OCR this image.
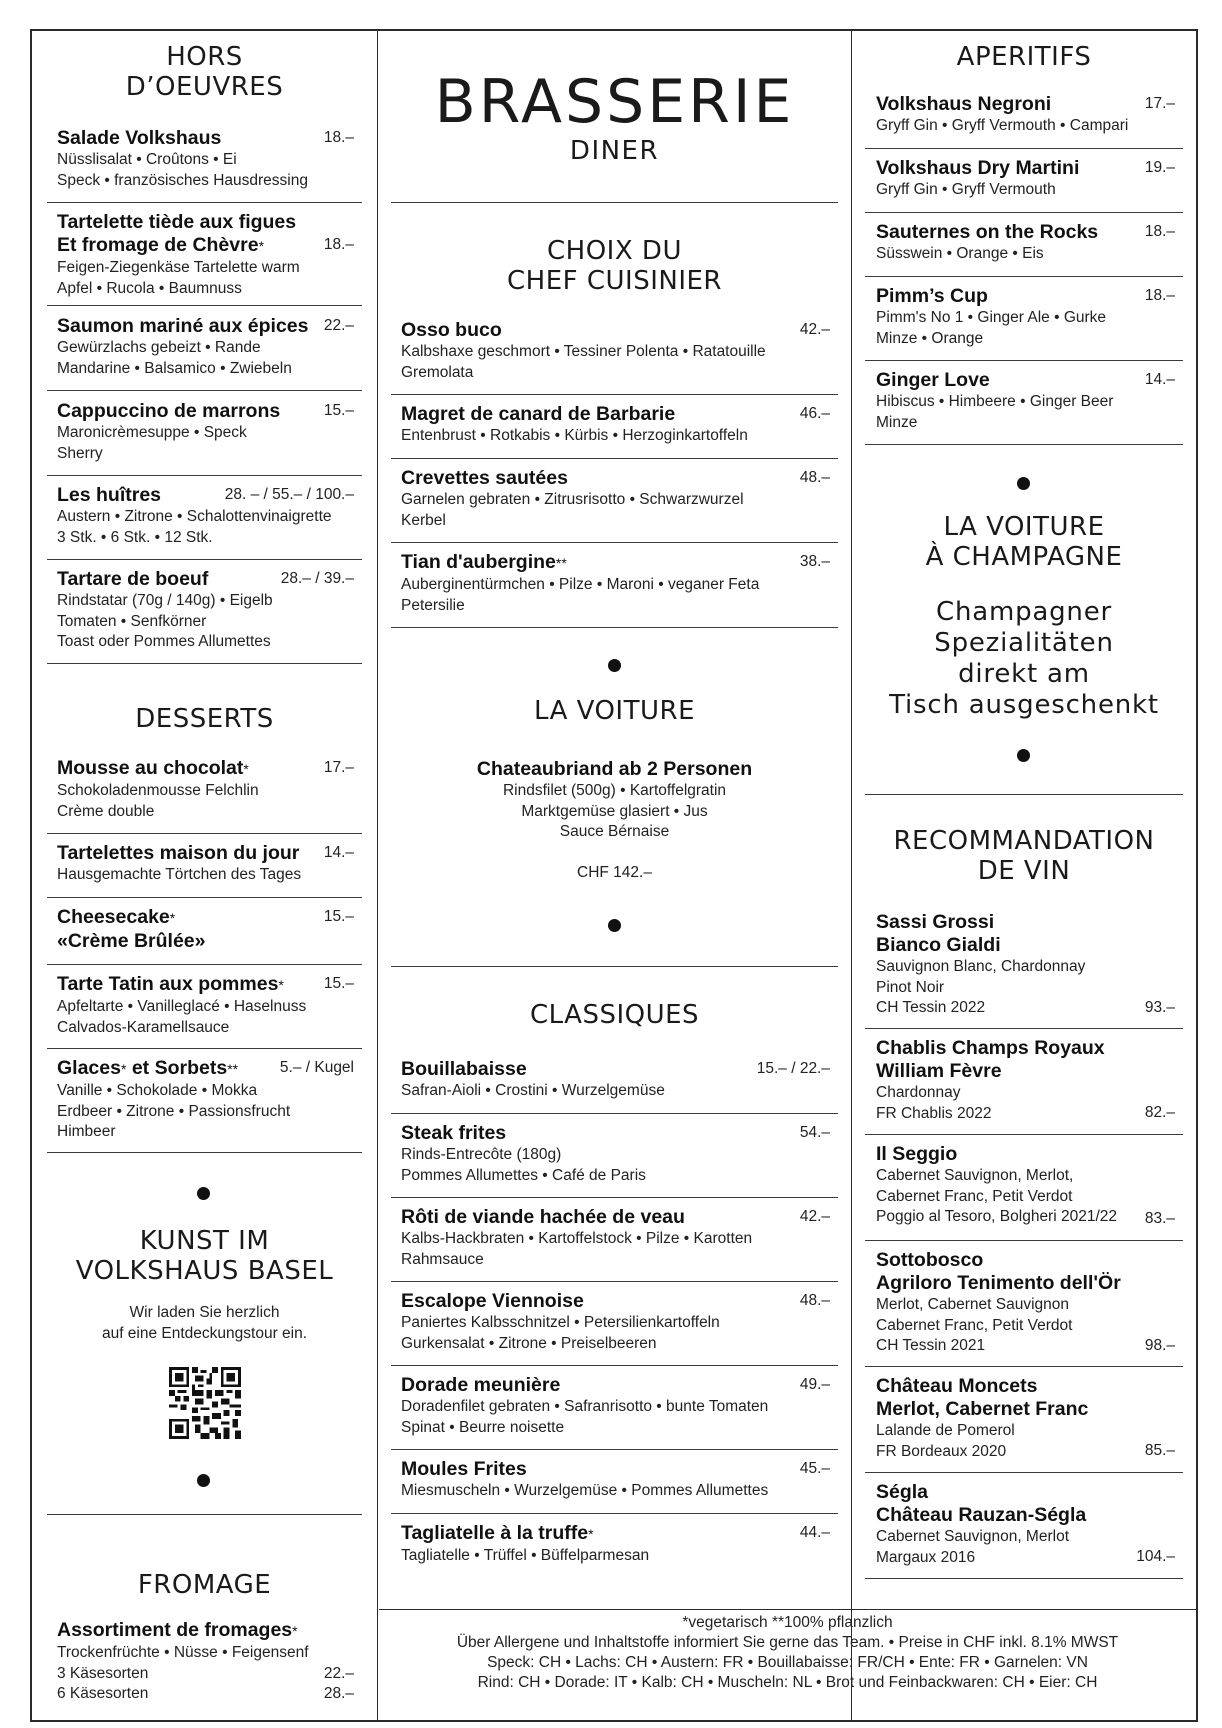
HORS
D’OEUVRES
Salade Volkshaus
Nüsslisalat • Croûtons • Ei
Speck • französisches Hausdressing
18.–
Tartelette tiède aux figues
Et fromage de Chèvre*
Feigen-Ziegenkäse Tartelette warm
Apfel • Rucola • Baumnuss
18.–
Saumon mariné aux épices
Gewürzlachs gebeizt • Rande
Mandarine • Balsamico • Zwiebeln
22.–
Cappuccino de marrons
Maronicrèmesuppe • Speck
Sherry
15.–
Les huîtres
Austern • Zitrone • Schalottenvinaigrette
3 Stk. • 6 Stk. • 12 Stk.
28. – / 55.– / 100.–
Tartare de boeuf
Rindstatar (70g / 140g) • Eigelb
Tomaten • Senfkörner
Toast oder Pommes Allumettes
28.– / 39.–
DESSERTS
Mousse au chocolat*
Schokoladenmousse Felchlin
Crème double
17.–
Tartelettes maison du jour
Hausgemachte Törtchen des Tages
14.–
Cheesecake*
«Crème Brûlée»
15.–
Tarte Tatin aux pommes*
Apfeltarte • Vanilleglacé • Haselnuss
Calvados-Karamellsauce
15.–
Glaces* et Sorbets**
Vanille • Schokolade • Mokka
Erdbeer • Zitrone • Passionsfrucht
Himbeer
5.– / Kugel
KUNST IM
VOLKSHAUS BASEL
Wir laden Sie herzlich
auf eine Entdeckungstour ein.
FROMAGE
Assortiment de fromages*
Trockenfrüchte • Nüsse • Feigensenf
3 Käsesorten	22.–
6 Käsesorten	28.–
BRASSERIE
DINER
CHOIX DU
CHEF CUISINIER
Osso buco
Kalbshaxe geschmort • Tessiner Polenta • Ratatouille
Gremolata
42.–
Magret de canard de Barbarie
Entenbrust • Rotkabis • Kürbis • Herzoginkartoffeln
46.–
Crevettes sautées
Garnelen gebraten • Zitrusrisotto • Schwarzwurzel
Kerbel
48.–
Tian d'aubergine**
Auberginentürmchen • Pilze • Maroni • veganer Feta
Petersilie
38.–
LA VOITURE
Chateaubriand ab 2 Personen
Rindsfilet (500g) • Kartoffelgratin
Marktgemüse glasiert • Jus
Sauce Bérnaise
CHF 142.–
CLASSIQUES
Bouillabaisse
Safran-Aioli • Crostini • Wurzelgemüse
15.– / 22.–
Steak frites
Rinds-Entrecôte (180g)
Pommes Allumettes • Café de Paris
54.–
Rôti de viande hachée de veau
Kalbs-Hackbraten • Kartoffelstock • Pilze • Karotten
Rahmsauce
42.–
Escalope Viennoise
Paniertes Kalbsschnitzel • Petersilienkartoffeln
Gurkensalat • Zitrone • Preiselbeeren
48.–
Dorade meunière
Doradenfilet gebraten • Safranrisotto • bunte Tomaten
Spinat • Beurre noisette
49.–
Moules Frites
Miesmuscheln • Wurzelgemüse • Pommes Allumettes
45.–
Tagliatelle à la truffe*
Tagliatelle • Trüffel • Büffelparmesan
44.–
APERITIFS
Volkshaus Negroni
Gryff Gin • Gryff Vermouth • Campari
17.–
Volkshaus Dry Martini
Gryff Gin • Gryff Vermouth
19.–
Sauternes on the Rocks
Süsswein • Orange • Eis
18.–
Pimm’s Cup
Pimm's No 1 • Ginger Ale • Gurke
Minze • Orange
18.–
Ginger Love
Hibiscus • Himbeere • Ginger Beer
Minze
14.–
LA VOITURE
À CHAMPAGNE
Champagner
Spezialitäten
direkt am
Tisch ausgeschenkt
RECOMMANDATION
DE VIN
Sassi Grossi
Bianco Gialdi
Sauvignon Blanc, Chardonnay
Pinot Noir
CH Tessin 2022	93.–
Chablis Champs Royaux
William Fèvre
Chardonnay
FR Chablis 2022	82.–
Il Seggio
Cabernet Sauvignon, Merlot,
Cabernet Franc, Petit Verdot
Poggio al Tesoro, Bolgheri 2021/22 83.–
Sottobosco
Agriloro Tenimento dell'Ör
Merlot, Cabernet Sauvignon
Cabernet Franc, Petit Verdot
CH Tessin 2021	98.–
Château Moncets
Merlot, Cabernet Franc
Lalande de Pomerol
FR Bordeaux 2020	85.–
Ségla
Château Rauzan-Ségla
Cabernet Sauvignon, Merlot
Margaux 2016	104.–
*vegetarisch **100% pflanzlich
Über Allergene und Inhaltstoffe informiert Sie gerne das Team. • Preise in CHF inkl. 8.1% MWST
Speck: CH • Lachs: CH • Austern: FR • Bouillabaisse: FR/CH • Ente: FR • Garnelen: VN
Rind: CH • Dorade: IT • Kalb: CH • Muscheln: NL • Brot und Feinbackwaren: CH • Eier: CH
